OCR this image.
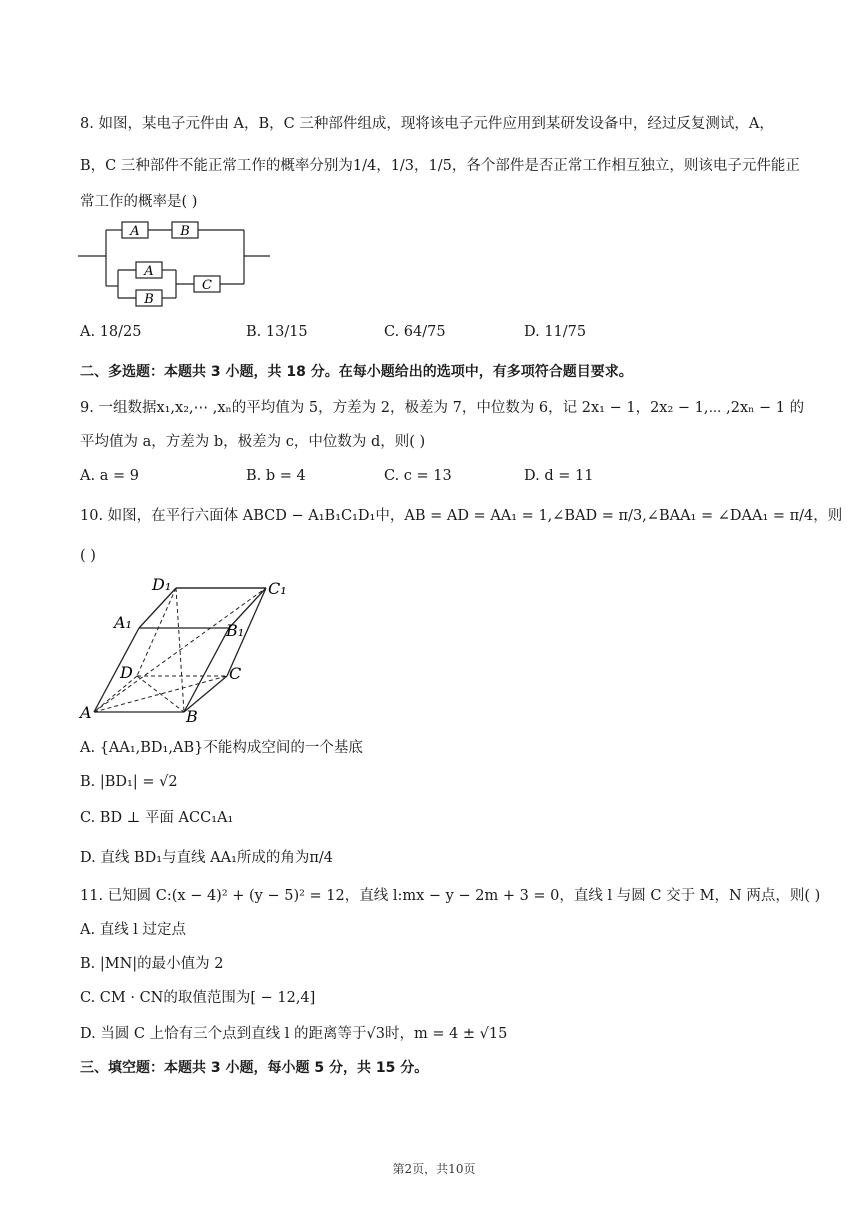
8. 如图，某电子元件由 A，B，C 三种部件组成，现将该电子元件应用到某研发设备中，经过反复测试，A，
B，C 三种部件不能正常工作的概率分别为1/4，1/3，1/5，各个部件是否正常工作相互独立，则该电子元件能正
常工作的概率是( )
A	B
A
B
C
A. 18/25	B. 13/15	C. 64/75	D. 11/75
二、多选题：本题共 3 小题，共 18 分。在每小题给出的选项中，有多项符合题目要求。
9. 一组数据x₁,x₂,⋯ ,xₙ的平均值为 5，方差为 2，极差为 7，中位数为 6，记 2x₁ − 1，2x₂ − 1,⋯ ,2xₙ − 1 的
平均值为 a，方差为 b，极差为 c，中位数为 d，则( )
A. a = 9	B. b = 4	C. c = 13	D. d = 11
10. 如图，在平行六面体 ABCD − A₁B₁C₁D₁中，AB = AD = AA₁ = 1,∠BAD = π/3,∠BAA₁ = ∠DAA₁ = π/4，则
( )
D₁	C₁
A₁	B₁
D	C
A	B
A. {AA₁,BD₁,AB}不能构成空间的一个基底
B. |BD₁| = √2
C. BD ⊥ 平面 ACC₁A₁
D. 直线 BD₁与直线 AA₁所成的角为π/4
11. 已知圆 C:(x − 4)² + (y − 5)² = 12，直线 l:mx − y − 2m + 3 = 0，直线 l 与圆 C 交于 M，N 两点，则( )
A. 直线 l 过定点
B. |MN|的最小值为 2
C. CM · CN的取值范围为[ − 12,4]
D. 当圆 C 上恰有三个点到直线 l 的距离等于√3时，m = 4 ± √15
三、填空题：本题共 3 小题，每小题 5 分，共 15 分。
第2页，共10页
